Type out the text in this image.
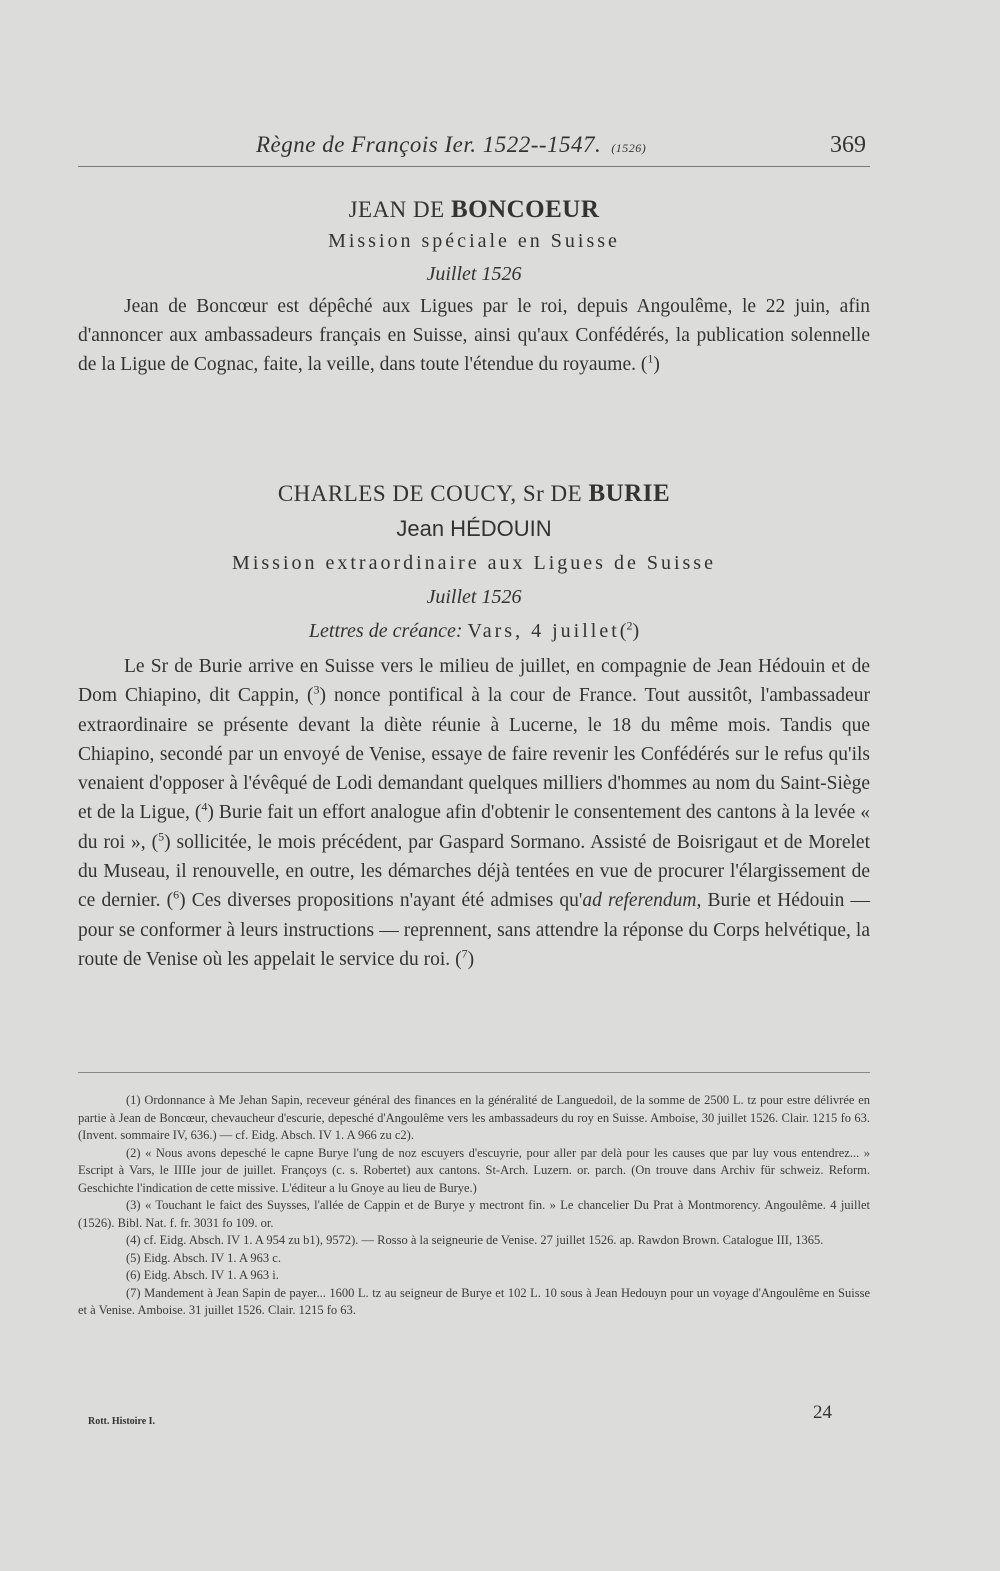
Règne de François Ier. 1522--1547. (1526)	369
JEAN DE BONCOEUR
Mission spéciale en Suisse
Juillet 1526

Jean de Boncœur est dépêché aux Ligues par le roi, depuis Angoulême, le 22 juin, afin d'annoncer aux ambassadeurs français en Suisse, ainsi qu'aux Confédérés, la publication solennelle de la Ligue de Cognac, faite, la veille, dans toute l'étendue du royaume. ($^1$)

CHARLES DE COUCY, Sr DE BURIE
Jean HÉDOUIN
Mission extraordinaire aux Ligues de Suisse
Juillet 1526
Lettres de créance: Vars, 4 juillet($^2$)

Le Sr de Burie arrive en Suisse vers le milieu de juillet, en compagnie de Jean Hédouin et de Dom Chiapino, dit Cappin, ($^3$) nonce pontifical à la cour de France. Tout aussitôt, l'ambassadeur extraordinaire se présente devant la diète réunie à Lucerne, le 18 du même mois. Tandis que Chiapino, secondé par un envoyé de Venise, essaye de faire revenir les Confédérés sur le refus qu'ils venaient d'opposer à l'évêqué de Lodi demandant quelques milliers d'hommes au nom du Saint-Siège et de la Ligue, ($^4$) Burie fait un effort analogue afin d'obtenir le consentement des cantons à la levée « du roi », ($^5$) sollicitée, le mois précédent, par Gaspard Sormano. Assisté de Boisrigaut et de Morelet du Museau, il renouvelle, en outre, les démarches déjà tentées en vue de procurer l'élargissement de ce dernier. ($^6$) Ces diverses propositions n'ayant été admises qu'ad referendum, Burie et Hédouin — pour se conformer à leurs instructions — reprennent, sans attendre la réponse du Corps helvétique, la route de Venise où les appelait le service du roi. ($^7$)

(1) Ordonnance à Me Jehan Sapin, receveur général des finances en la généralité de Languedoil, de la somme de 2500 L. tz pour estre délivrée en partie à Jean de Boncœur, chevaucheur d'escurie, depesché d'Angoulême vers les ambassadeurs du roy en Suisse. Amboise, 30 juillet 1526. Clair. 1215 fo 63. (Invent. sommaire IV, 636.) — cf. Eidg. Absch. IV 1. A 966 zu c2).

(2) « Nous avons depesché le capne Burye l'ung de noz escuyers d'escuyrie, pour aller par delà pour les causes que par luy vous entendrez... » Escript à Vars, le IIIIe jour de juillet. Françoys (c. s. Robertet) aux cantons. St-Arch. Luzern. or. parch. (On trouve dans Archiv für schweiz. Reform. Geschichte l'indication de cette missive. L'éditeur a lu Gnoye au lieu de Burye.)

(3) « Touchant le faict des Suysses, l'allée de Cappin et de Burye y mectront fin. » Le chancelier Du Prat à Montmorency. Angoulême. 4 juillet (1526). Bibl. Nat. f. fr. 3031 fo 109. or.

(4) cf. Eidg. Absch. IV 1. A 954 zu b1), 9572). — Rosso à la seigneurie de Venise. 27 juillet 1526. ap. Rawdon Brown. Catalogue III, 1365.

(5) Eidg. Absch. IV 1. A 963 c.

(6) Eidg. Absch. IV 1. A 963 i.

(7) Mandement à Jean Sapin de payer... 1600 L. tz au seigneur de Burye et 102 L. 10 sous à Jean Hedouyn pour un voyage d'Angoulême en Suisse et à Venise. Amboise. 31 juillet 1526. Clair. 1215 fo 63.

Rott. Histoire I.	24
